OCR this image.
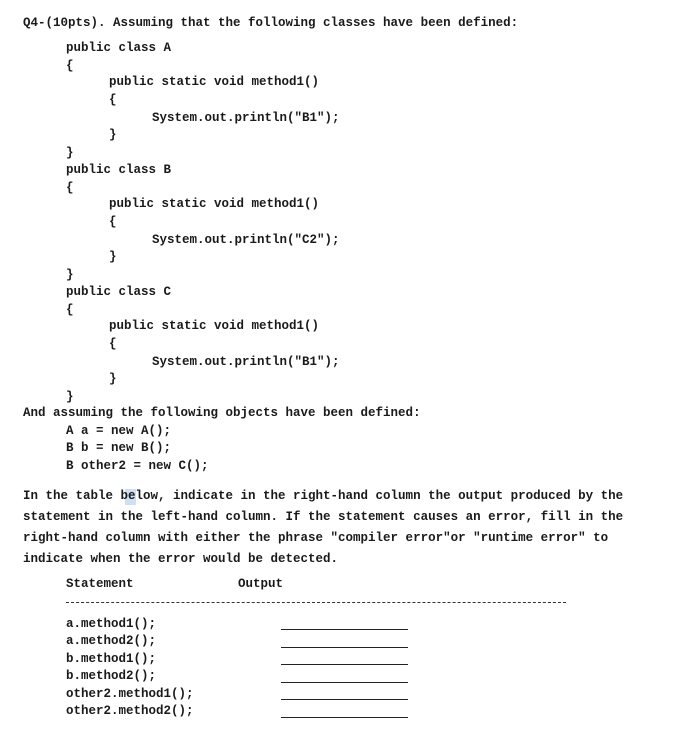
Q4-(10pts). Assuming that the following classes have been defined:
public class A
{
public static void method1()
{
System.out.println("B1");
}
}
public class B
{
public static void method1()
{
System.out.println("C2");
}
}
public class C
{
public static void method1()
{
System.out.println("B1");
}
}
And assuming the following objects have been defined:
A a = new A();
B b = new B();
B other2 = new C();
In the table below, indicate in the right-hand column the output produced by the
statement in the left-hand column. If the statement causes an error, fill in the
right-hand column with either the phrase "compiler error"or "runtime error" to
indicate when the error would be detected.
Statement	Output
a.method1();
a.method2();
b.method1();
b.method2();
other2.method1();
other2.method2();
